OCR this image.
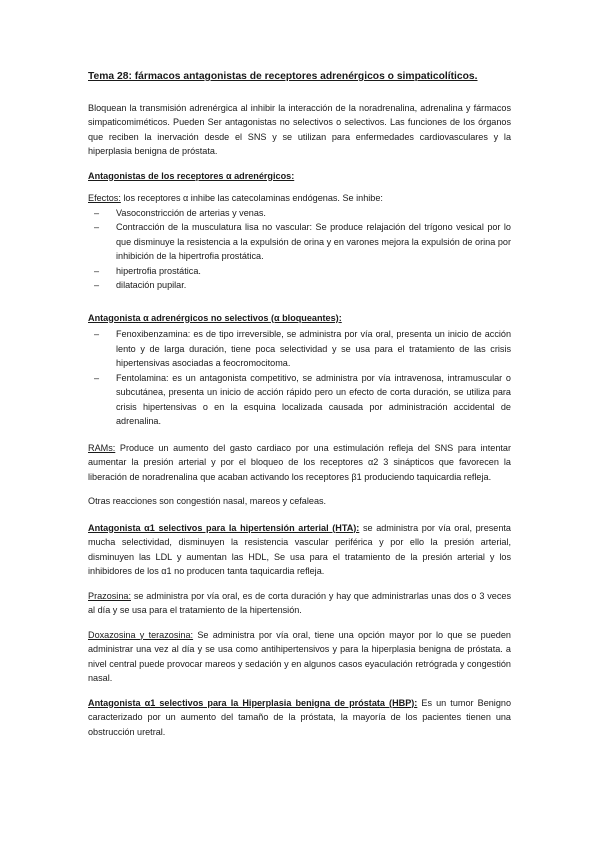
Tema 28: fármacos antagonistas de receptores adrenérgicos o simpaticolíticos.

Bloquean la transmisión adrenérgica al inhibir la interacción de la noradrenalina, adrenalina y fármacos simpaticomiméticos. Pueden Ser antagonistas no selectivos o selectivos. Las funciones de los órganos que reciben la inervación desde el SNS y se utilizan para enfermedades cardiovasculares y la hiperplasia benigna de próstata.

Antagonistas de los receptores α adrenérgicos:

Efectos: los receptores α inhibe las catecolaminas endógenas. Se inhibe:

– Vasoconstricción de arterias y venas.
– Contracción de la musculatura lisa no vascular: Se produce relajación del trígono vesical por lo que disminuye la resistencia a la expulsión de orina y en varones mejora la expulsión de orina por inhibición de la hipertrofia prostática.
– hipertrofia prostática.
– dilatación pupilar.

Antagonista α adrenérgicos no selectivos (α bloqueantes):

– Fenoxibenzamina: es de tipo irreversible, se administra por vía oral, presenta un inicio de acción lento y de larga duración, tiene poca selectividad y se usa para el tratamiento de las crisis hipertensivas asociadas a feocromocitoma.
– Fentolamina: es un antagonista competitivo, se administra por vía intravenosa, intramuscular o subcutánea, presenta un inicio de acción rápido pero un efecto de corta duración, se utiliza para crisis hipertensivas o en la esquina localizada causada por administración accidental de adrenalina.

RAMs: Produce un aumento del gasto cardiaco por una estimulación refleja del SNS para intentar aumentar la presión arterial y por el bloqueo de los receptores α2 3 sinápticos que favorecen la liberación de noradrenalina que acaban activando los receptores β1 produciendo taquicardia refleja.

Otras reacciones son congestión nasal, mareos y cefaleas.

Antagonista α1 selectivos para la hipertensión arterial (HTA): se administra por vía oral, presenta mucha selectividad, disminuyen la resistencia vascular periférica y por ello la presión arterial, disminuyen las LDL y aumentan las HDL, Se usa para el tratamiento de la presión arterial y los inhibidores de los α1 no producen tanta taquicardia refleja.

Prazosina: se administra por vía oral, es de corta duración y hay que administrarlas unas dos o 3 veces al día y se usa para el tratamiento de la hipertensión.

Doxazosina y terazosina: Se administra por vía oral, tiene una opción mayor por lo que se pueden administrar una vez al día y se usa como antihipertensivos y para la hiperplasia benigna de próstata. a nivel central puede provocar mareos y sedación y en algunos casos eyaculación retrógrada y congestión nasal.

Antagonista α1 selectivos para la Hiperplasia benigna de próstata (HBP): Es un tumor Benigno caracterizado por un aumento del tamaño de la próstata, la mayoría de los pacientes tienen una obstrucción uretral.
